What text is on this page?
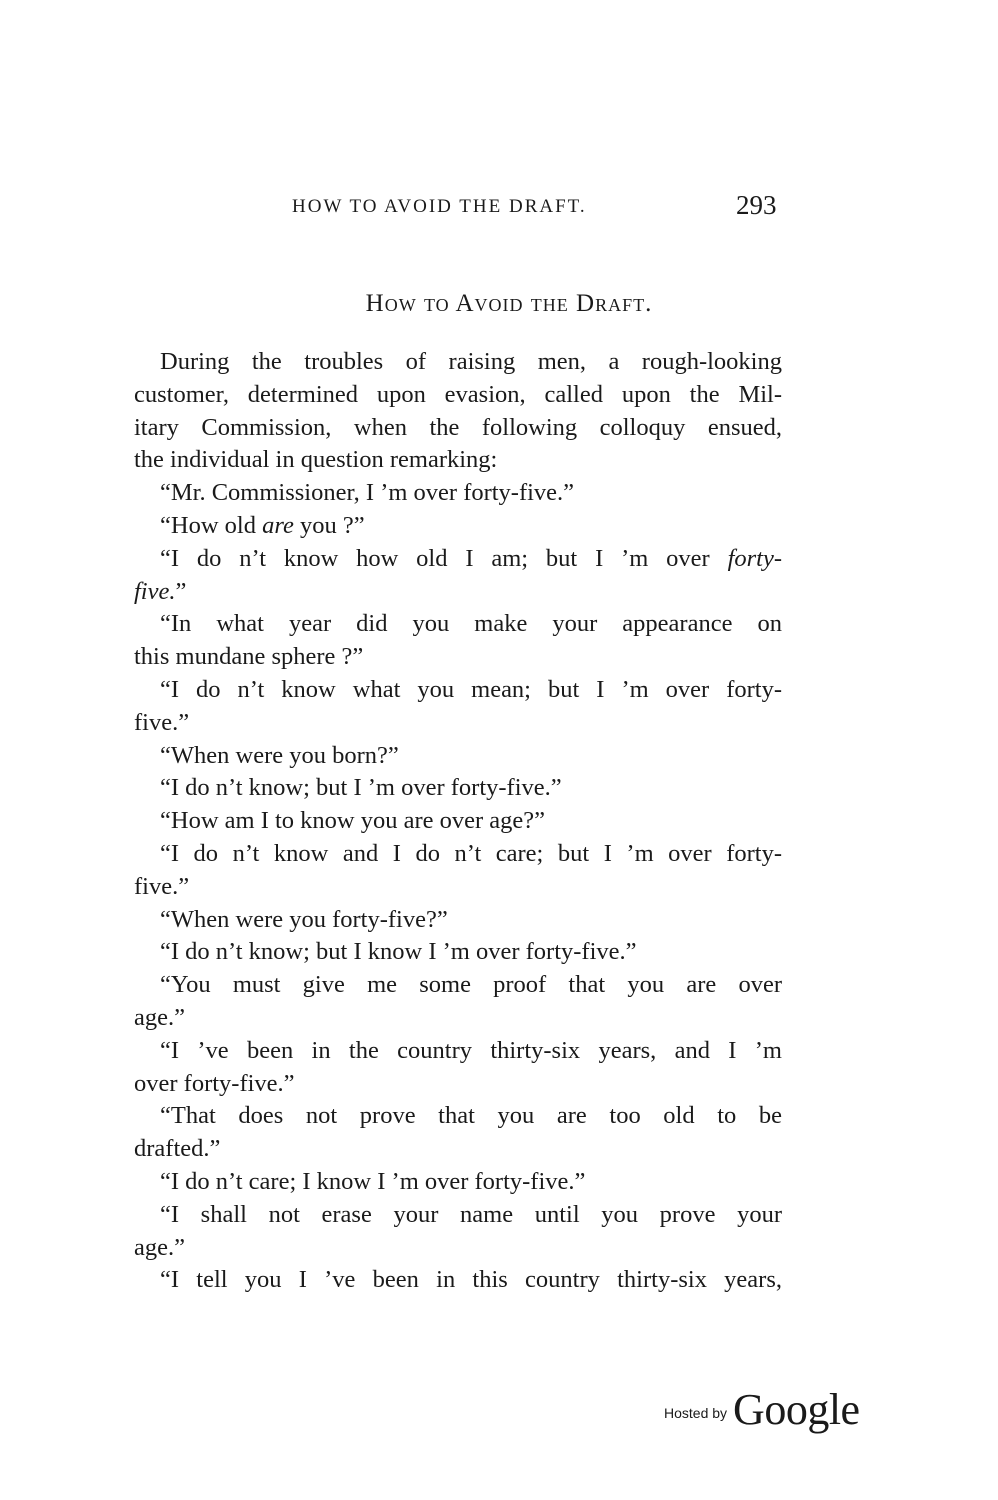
HOW TO AVOID THE DRAFT.	293
How to Avoid the Draft.
During the troubles of raising men, a rough-looking
customer, determined upon evasion, called upon the Mil-
itary Commission, when the following colloquy ensued,
the individual in question remarking:
“Mr. Commissioner, I ’m over forty-five.”
“How old are you ?”
“I do n’t know how old I am; but I ’m over forty-
five.”
“In what year did you make your appearance on
this mundane sphere ?”
“I do n’t know what you mean; but I ’m over forty-
five.”
“When were you born?”
“I do n’t know; but I ’m over forty-five.”
“How am I to know you are over age?”
“I do n’t know and I do n’t care; but I ’m over forty-
five.”
“When were you forty-five?”
“I do n’t know; but I know I ’m over forty-five.”
“You must give me some proof that you are over
age.”
“I ’ve been in the country thirty-six years, and I ’m
over forty-five.”
“That does not prove that you are too old to be
drafted.”
“I do n’t care; I know I ’m over forty-five.”
“I shall not erase your name until you prove your
age.”
“I tell you I ’ve been in this country thirty-six years,
Hosted by Google
